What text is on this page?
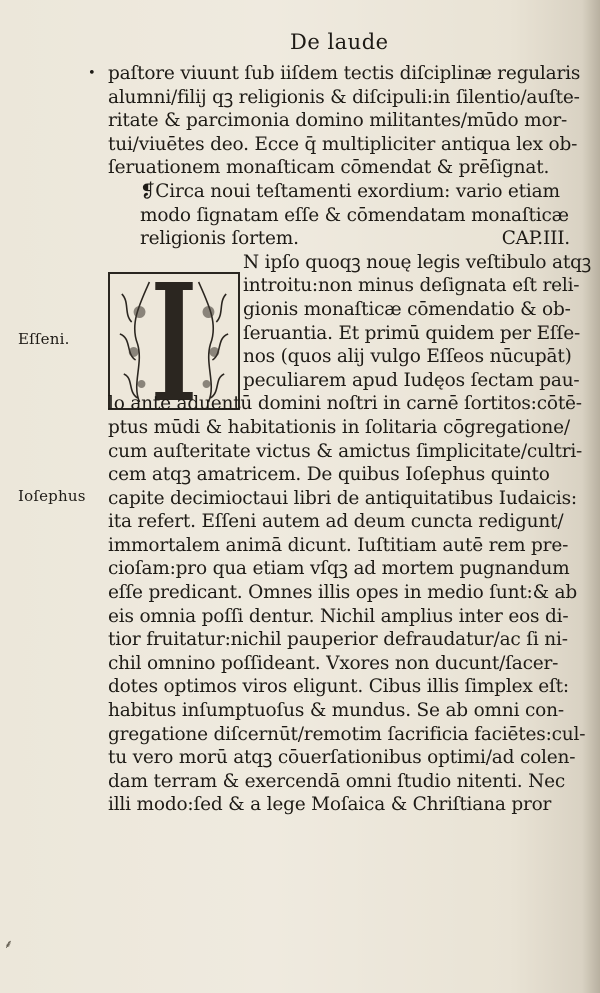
De laude
•
Eſſeni.
Ioſephus
paſtore viuunt ſub iiſdem tectis diſciplinæ regularis
alumni/filij qꝫ religionis & diſcipuli:in ſilentio/auſte-
ritate & parcimonia domino militantes/mūdo mor-
tui/viuētes deo. Ecce q̄ multipliciter antiqua lex ob-
ſeruationem monaſticam cōmendat & prēſignat.
❡Circa noui teſtamenti exordium: vario etiam
modo ſignatam eſſe & cōmendatam monaſticæ
religionis ſortem.	CAP.III.
N ipſo quoqꝫ nouę legis veſtibulo atqꝫ
introitu:non minus deſignata eſt reli-
gionis monaſticæ cōmendatio & ob-
ſeruantia. Et primū quidem per Eſſe-
nos (quos alij vulgo Eſſeos nūcupāt)
peculiarem apud Iudęos ſectam pau-
lo ante aduentū domini noſtri in carnē ſortitos:cōtē-
ptus mūdi & habitationis in ſolitaria cōgregatione/
cum auſteritate victus & amictus ſimplicitate/cultri-
cem atqꝫ amatricem. De quibus Ioſephus quinto
capite decimioctaui libri de antiquitatibus Iudaicis:
ita refert. Eſſeni autem ad deum cuncta redigunt/
immortalem animā dicunt. Iuſtitiam autē rem pre-
cioſam:pro qua etiam vſqꝫ ad mortem pugnandum
eſſe predicant. Omnes illis opes in medio ſunt:& ab
eis omnia poſſi dentur. Nichil amplius inter eos di-
tior fruitatur:nichil pauperior defraudatur/ac ſi ni-
chil omnino poſſideant. Vxores non ducunt/ſacer-
dotes optimos viros eligunt. Cibus illis ſimplex eſt:
habitus inſumptuoſus & mundus. Se ab omni con-
gregatione diſcernūt/remotim ſacrificia faciētes:cul-
tu vero morū atqꝫ cōuerſationibus optimi/ad colen-
dam terram & exercendā omni ſtudio nitenti. Nec
illi modo:ſed & a lege Moſaica & Chriſtiana pror
⸙
